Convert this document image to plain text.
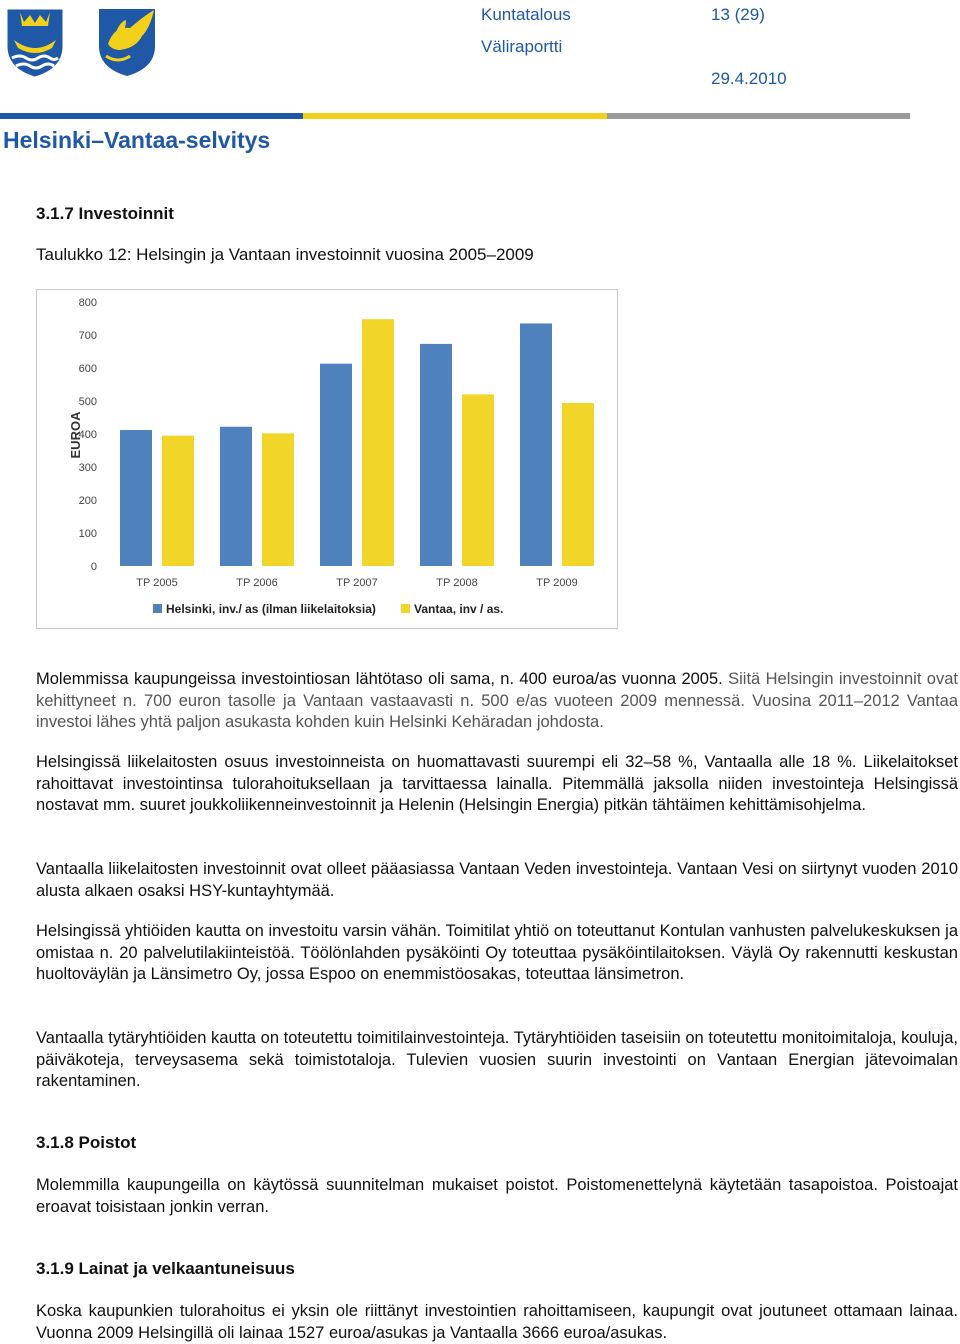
Kuntatalous	13 (29)
Väliraportti
29.4.2010
Helsinki–Vantaa-selvitys
3.1.7 Investoinnit
Taulukko 12: Helsingin ja Vantaan investoinnit vuosina 2005–2009
EUROA
0
100
200
300
400
500
600
700
800
TP 2005	TP 2006	TP 2007	TP 2008	TP 2009
Helsinki, inv./ as (ilman liikelaitoksia)	Vantaa, inv / as.
Molemmissa kaupungeissa investointiosan lähtötaso oli sama, n. 400 euroa/as vuonna 2005. Siitä Helsingin investoinnit ovat kehittyneet n. 700 euron tasolle ja Vantaan vastaavasti n. 500 e/as vuoteen 2009 mennessä. Vuosina 2011–2012 Vantaa investoi lähes yhtä paljon asukasta kohden kuin Helsinki Kehäradan johdosta.
Helsingissä liikelaitosten osuus investoinneista on huomattavasti suurempi eli 32–58 %, Vantaalla alle 18 %. Liikelaitokset rahoittavat investointinsa tulorahoituksellaan ja tarvittaessa lainalla. Pitemmällä jaksolla niiden investointeja Helsingissä nostavat mm. suuret joukkoliikenneinvestoinnit ja Helenin (Helsingin Energia) pitkän tähtäimen kehittämisohjelma.
Vantaalla liikelaitosten investoinnit ovat olleet pääasiassa Vantaan Veden investointeja. Vantaan Vesi on siirtynyt vuoden 2010 alusta alkaen osaksi HSY-kuntayhtymää.
Helsingissä yhtiöiden kautta on investoitu varsin vähän. Toimitilat yhtiö on toteuttanut Kontulan vanhusten palvelukeskuksen ja omistaa n. 20 palvelutilakiinteistöä. Töölönlahden pysäköinti Oy toteuttaa pysäköintilaitoksen. Väylä Oy rakennutti keskustan huoltoväylän ja Länsimetro Oy, jossa Espoo on enemmistöosakas, toteuttaa länsimetron.
Vantaalla tytäryhtiöiden kautta on toteutettu toimitilainvestointeja. Tytäryhtiöiden taseisiin on toteutettu monitoimitaloja, kouluja, päiväkoteja, terveysasema sekä toimistotaloja. Tulevien vuosien suurin investointi on Vantaan Energian jätevoimalan rakentaminen.
3.1.8 Poistot
Molemmilla kaupungeilla on käytössä suunnitelman mukaiset poistot. Poistomenettelynä käytetään tasapoistoa. Poistoajat eroavat toisistaan jonkin verran.
3.1.9 Lainat ja velkaantuneisuus
Koska kaupunkien tulorahoitus ei yksin ole riittänyt investointien rahoittamiseen, kaupungit ovat joutuneet ottamaan lainaa. Vuonna 2009 Helsingillä oli lainaa 1527 euroa/asukas ja Vantaalla 3666 euroa/asukas.
